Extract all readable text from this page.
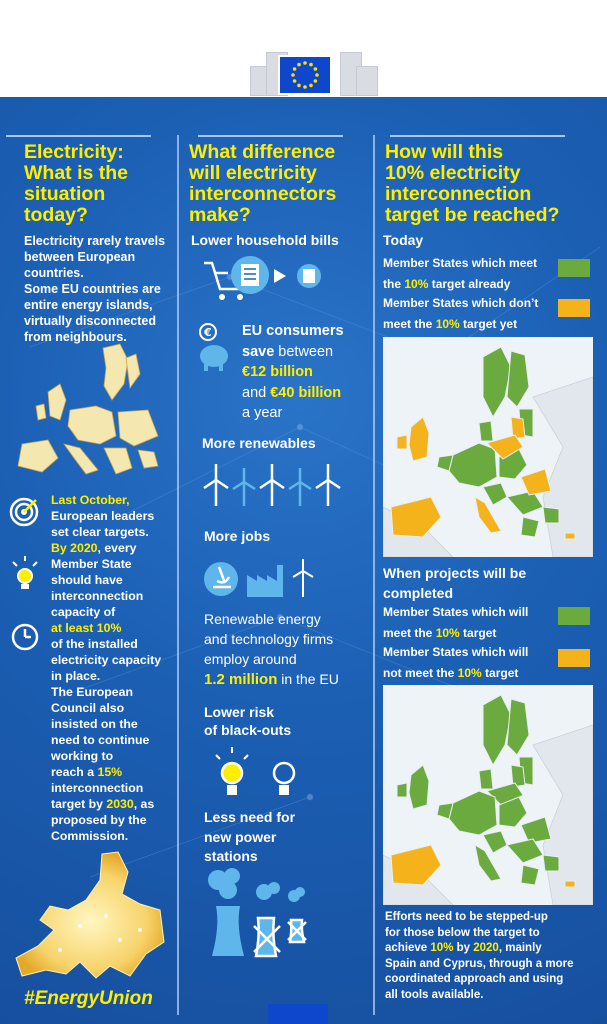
Electricity:
What is the
situation
today?
Electricity rarely travels
between European
countries.
Some EU countries are
entire energy islands,
virtually disconnected
from neighbours.
Last October,
European leaders
set clear targets.
By 2020, every
Member State
should have
interconnection
capacity of
at least 10%
of the installed
electricity capacity
in place.
The European
Council also
insisted on the
need to continue
working to
reach a 15%
interconnection
target by 2030, as
proposed by the
Commission.
#EnergyUnion
What difference
will electricity
interconnectors
make?
Lower household bills
€ EU consumers
save between
€12 billion
and €40 billion
a year
More renewables
More jobs
Renewable energy
and technology firms
employ around
1.2 million in the EU
Lower risk
of black-outs
Less need for
new power
stations
How will this
10% electricity
interconnection
target be reached?
Today
Member States which meet
the 10% target already
Member States which don’t
meet the 10% target yet
When projects will be
completed
Member States which will
meet the 10% target
Member States which will
not meet the 10% target
Efforts need to be stepped-up
for those below the target to
achieve 10% by 2020, mainly
Spain and Cyprus, through a more
coordinated approach and using
all tools available.
